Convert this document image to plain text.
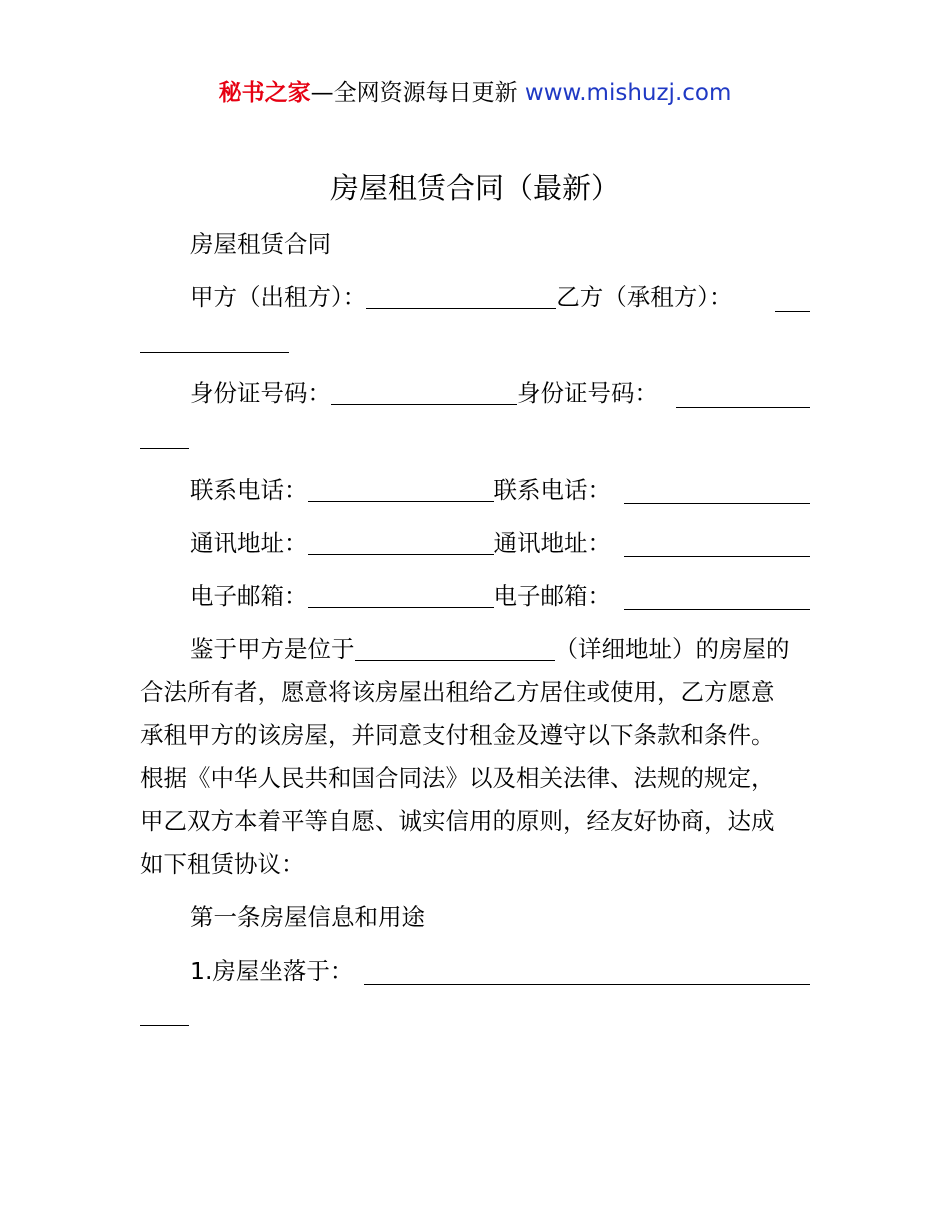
秘书之家—全网资源每日更新 www.mishuzj.com
房屋租赁合同（最新）
房屋租赁合同
甲方（出租方）：	乙方（承租方）：
身份证号码：	身份证号码：
联系电话：	联系电话：
通讯地址：	通讯地址：
电子邮箱：	电子邮箱：
鉴于甲方是位于	（详细地址）的房屋的
合法所有者，愿意将该房屋出租给乙方居住或使用，乙方愿意
承租甲方的该房屋，并同意支付租金及遵守以下条款和条件。
根据《中华人民共和国合同法》以及相关法律、法规的规定，
甲乙双方本着平等自愿、诚实信用的原则，经友好协商，达成
如下租赁协议：
第一条房屋信息和用途
1.房屋坐落于：
